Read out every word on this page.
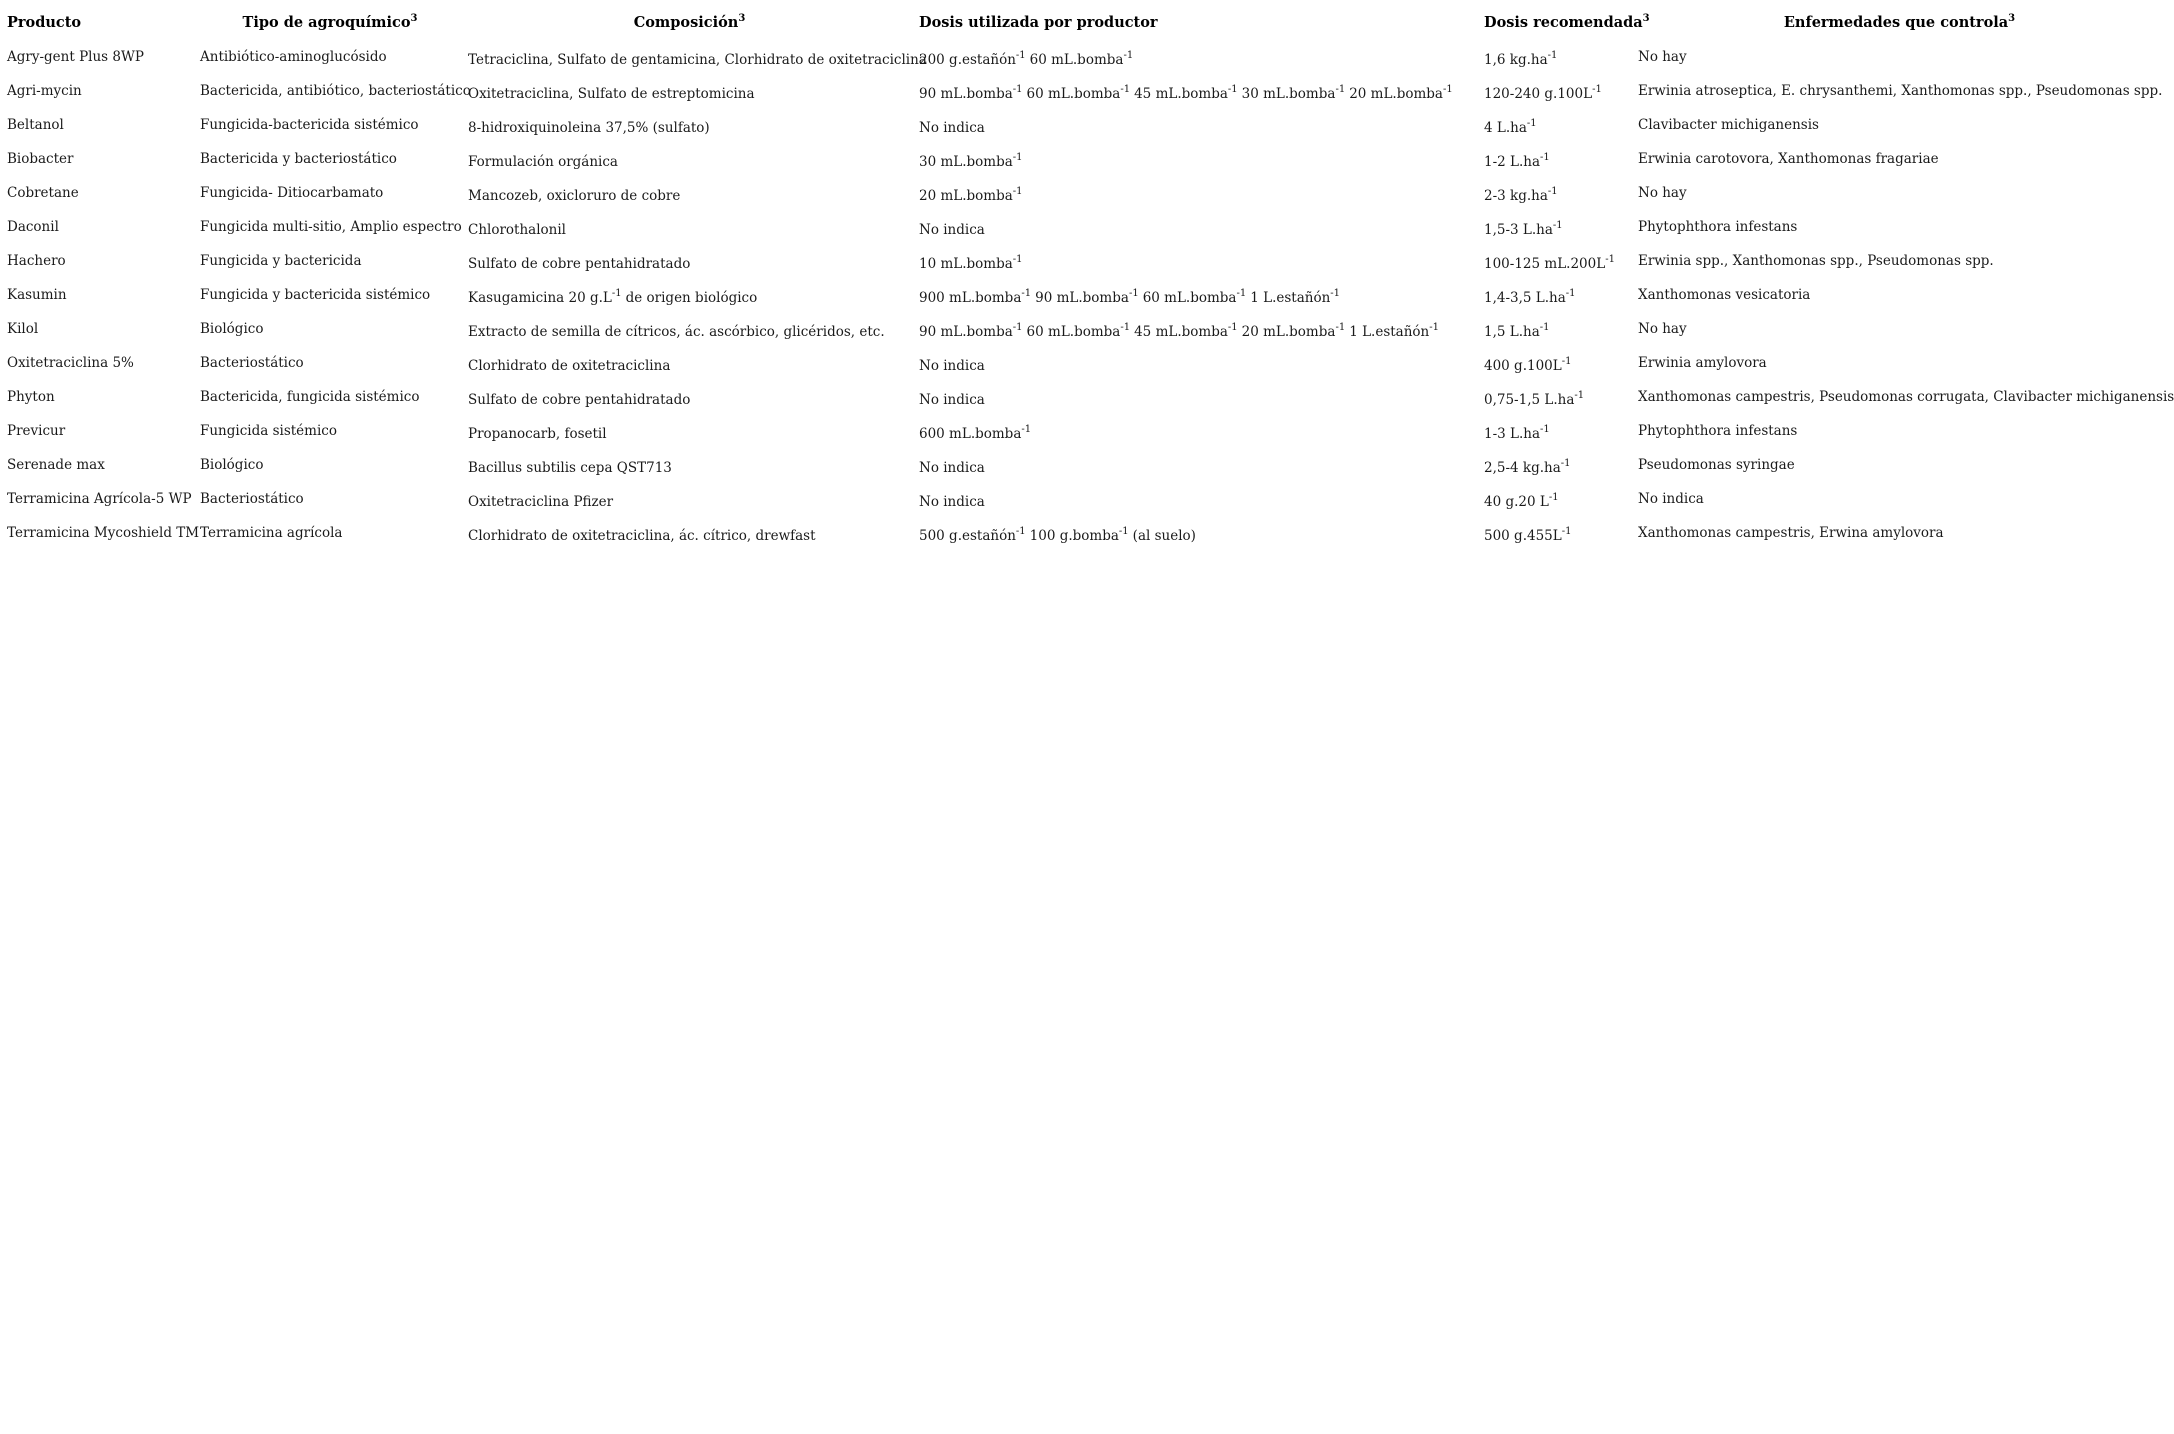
Producto	Tipo de agroquímico$^3$	Composición$^3$	Dosis utilizada por productor	Dosis recomendada$^3$	Enfermedades que controla$^3$
Agry-gent Plus 8WP	Antibiótico-aminoglucósido	Tetraciclina, Sulfato de gentamicina, Clorhidrato de oxitetraciclina	200 g.estañón$^{-1}$ 60 mL.bomba$^{-1}$	1,6 $kg.ha^{-1}$	No hay
Agri-mycin	Bactericida, antibiótico, bacteriostático	Oxitetraciclina, Sulfato de estreptomicina	90 mL.bomba$^{-1}$ 60 mL.bomba$^{-1}$ 45 mL.bomba$^{-1}$ 30 mL.bomba$^{-1}$ 20 mL.bomba$^{-1}$	120-240 $g.100L^{-1}$	Erwinia atroseptica, E. chrysanthemi, Xanthomonas spp., Pseudomonas spp.
Beltanol	Fungicida-bactericida sistémico	8-hidroxiquinoleina 37,5% (sulfato)	No indica	4 $L.ha^{-1}$	Clavibacter michiganensis
Biobacter	Bactericida y bacteriostático	Formulación orgánica	30 mL.bomba$^{-1}$	1-2 $L.ha^{-1}$	Erwinia carotovora, Xanthomonas fragariae
Cobretane	Fungicida- Ditiocarbamato	Mancozeb, oxicloruro de cobre	20 mL.bomba$^{-1}$	2-3 $kg.ha^{-1}$	No hay
Daconil	Fungicida multi-sitio, Amplio espectro	Chlorothalonil	No indica	1,5-3 $L.ha^{-1}$	Phytophthora infestans
Hachero	Fungicida y bactericida	Sulfato de cobre pentahidratado	10 mL.bomba$^{-1}$	100-125 $mL.200L^{-1}$	Erwinia spp., Xanthomonas spp., Pseudomonas spp.
Kasumin	Fungicida y bactericida sistémico	Kasugamicina 20 $g.L^{-1}$ de origen biológico	900 mL.bomba$^{-1}$ 90 mL.bomba$^{-1}$ 60 mL.bomba$^{-1}$ 1 L.estañón$^{-1}$	1,4-3,5 $L.ha^{-1}$	Xanthomonas vesicatoria
Kilol	Biológico	Extracto de semilla de cítricos, ác. ascórbico, glicéridos, etc.	90 mL.bomba$^{-1}$ 60 mL.bomba$^{-1}$ 45 mL.bomba$^{-1}$ 20 mL.bomba$^{-1}$ 1 L.estañón$^{-1}$	1,5 $L.ha^{-1}$	No hay
Oxitetraciclina 5%	Bacteriostático	Clorhidrato de oxitetraciclina	No indica	400 $g.100L^{-1}$	Erwinia amylovora
Phyton	Bactericida, fungicida sistémico	Sulfato de cobre pentahidratado	No indica	0,75-1,5 $L.ha^{-1}$	Xanthomonas campestris, Pseudomonas corrugata, Clavibacter michiganensis
Previcur	Fungicida sistémico	Propanocarb, fosetil	600 mL.bomba$^{-1}$	1-3 $L.ha^{-1}$	Phytophthora infestans
Serenade max	Biológico	Bacillus subtilis cepa QST713	No indica	2,5-4 $kg.ha^{-1}$	Pseudomonas syringae
Terramicina Agrícola-5 WP	Bacteriostático	Oxitetraciclina Pfizer	No indica	40 g.20 $L^{-1}$	No indica
Terramicina Mycoshield TM	Terramicina agrícola	Clorhidrato de oxitetraciclina, ác. cítrico, drewfast	500 g.estañón$^{-1}$ 100 g.bomba$^{-1}$ (al suelo)	500 $g.455L^{-1}$	Xanthomonas campestris, Erwina amylovora
